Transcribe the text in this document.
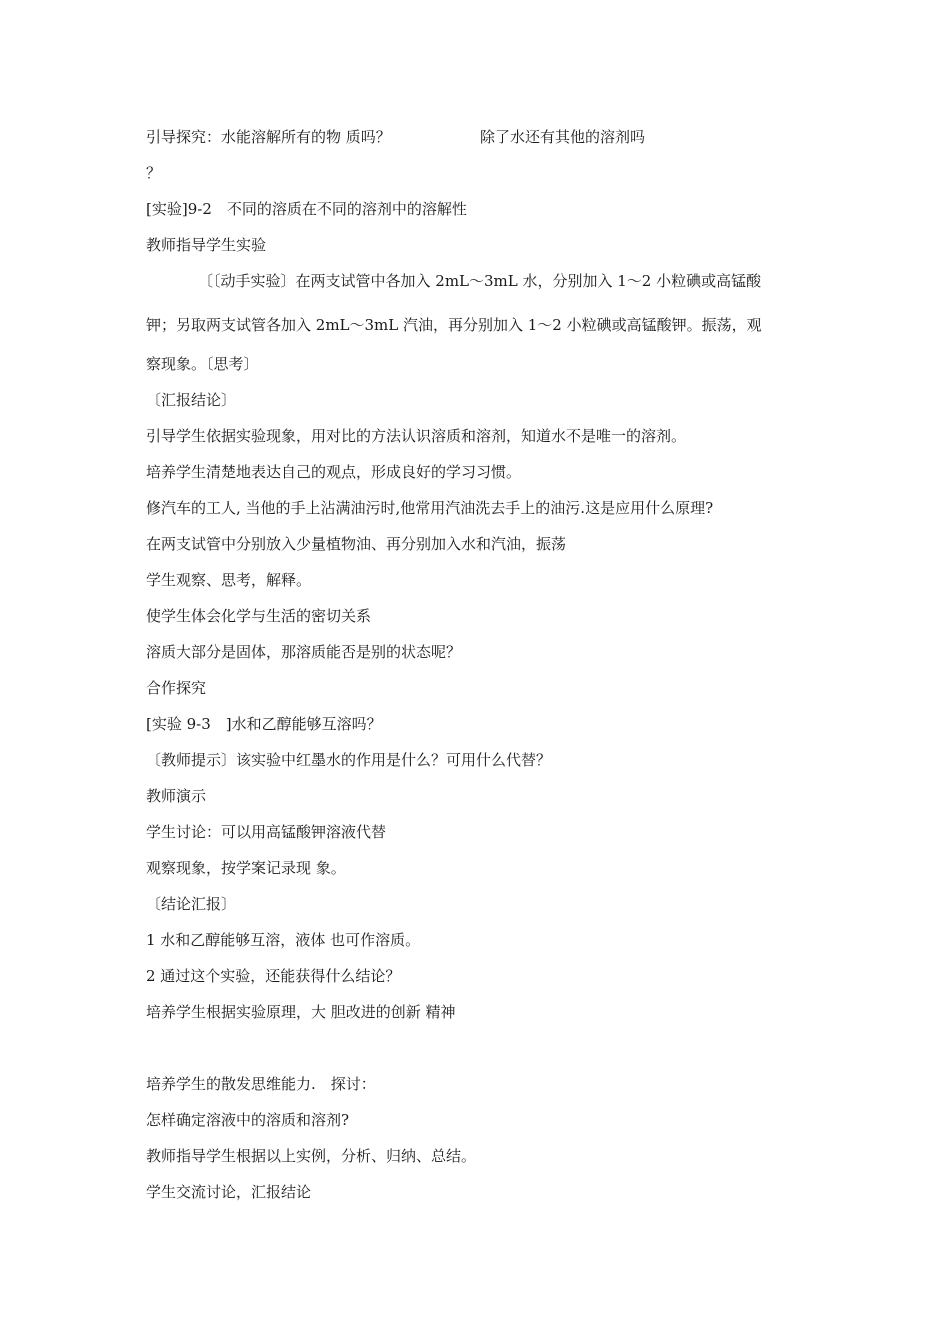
引导探究：水能溶解所有的物 质吗？	除了水还有其他的溶剂吗
？
[实验]9-2　不同的溶质在不同的溶剂中的溶解性
教师指导学生实验
〔〔动手实验〕在两支试管中各加入 2mL～3mL 水，分别加入 1～2 小粒碘或高锰酸
钾；另取两支试管各加入 2mL～3mL 汽油，再分别加入 1～2 小粒碘或高锰酸钾。振荡，观
察现象。〔思考〕
〔汇报结论〕
引导学生依据实验现象，用对比的方法认识溶质和溶剂，知道水不是唯一的溶剂。
培养学生清楚地表达自己的观点，形成良好的学习习惯。
修汽车的工人, 当他的手上沾满油污时,他常用汽油洗去手上的油污.这是应用什么原理?
在两支试管中分别放入少量植物油、再分别加入水和汽油，振荡
学生观察、思考，解释。
使学生体会化学与生活的密切关系
溶质大部分是固体，那溶质能否是别的状态呢？
合作探究
[实验 9-3　]水和乙醇能够互溶吗？
〔教师提示〕该实验中红墨水的作用是什么？可用什么代替？
教师演示
学生讨论：可以用高锰酸钾溶液代替
观察现象，按学案记录现 象。
〔结论汇报〕
1 水和乙醇能够互溶，液体 也可作溶质。
2 通过这个实验，还能获得什么结论？
培养学生根据实验原理，大 胆改进的创新 精神
培养学生的散发思维能力.　探讨：
怎样确定溶液中的溶质和溶剂?
教师指导学生根据以上实例，分析、归纳、总结。
学生交流讨论，汇报结论
